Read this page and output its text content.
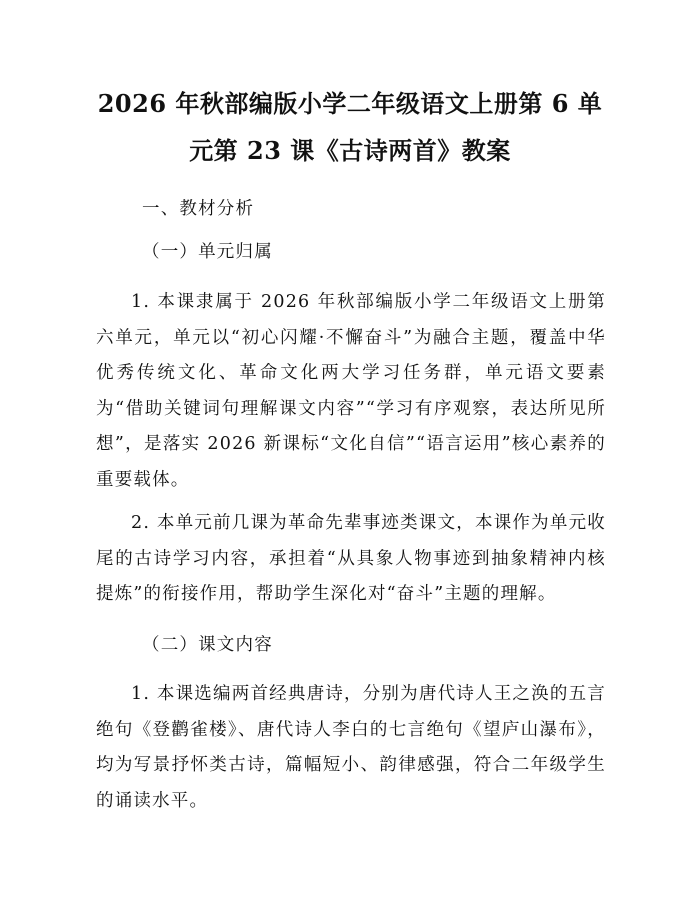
2026 年秋部编版小学二年级语文上册第 6 单
元第 23 课《古诗两首》教案
一、教材分析
（一）单元归属
1. 本课隶属于 2026 年秋部编版小学二年级语文上册第六单元，单元以“初心闪耀·不懈奋斗”为融合主题，覆盖中华优秀传统文化、革命文化两大学习任务群，单元语文要素为“借助关键词句理解课文内容”“学习有序观察，表达所见所想”，是落实 2026 新课标“文化自信”“语言运用”核心素养的重要载体。
2. 本单元前几课为革命先辈事迹类课文，本课作为单元收尾的古诗学习内容，承担着“从具象人物事迹到抽象精神内核提炼”的衔接作用，帮助学生深化对“奋斗”主题的理解。
（二）课文内容
1. 本课选编两首经典唐诗，分别为唐代诗人王之涣的五言绝句《登鹳雀楼》、唐代诗人李白的七言绝句《望庐山瀑布》，均为写景抒怀类古诗，篇幅短小、韵律感强，符合二年级学生的诵读水平。
